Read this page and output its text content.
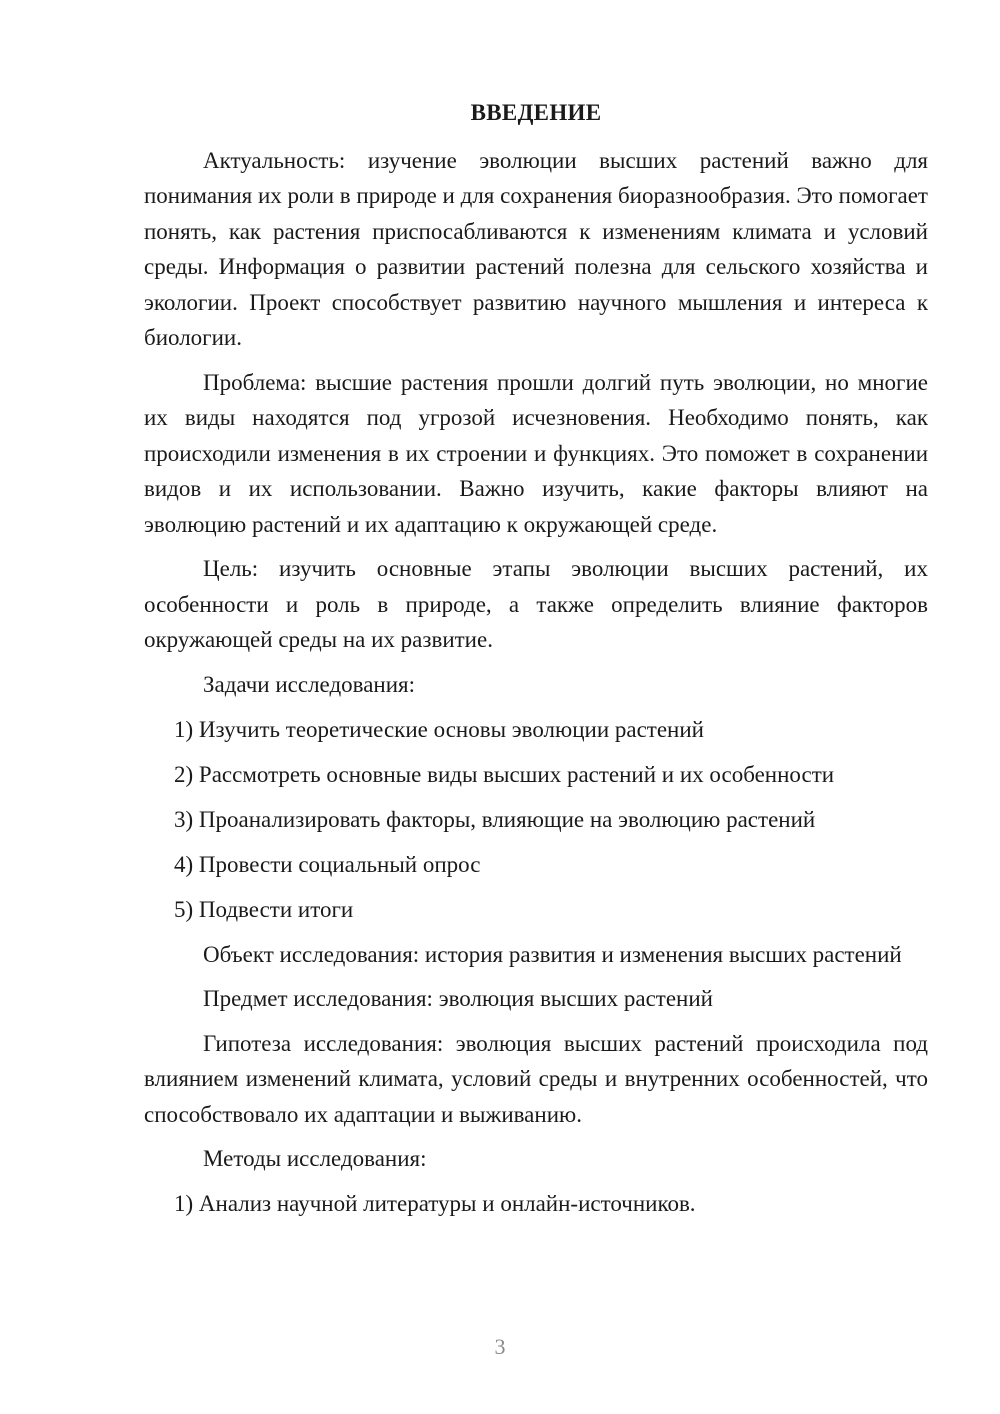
ВВЕДЕНИЕ

Актуальность: изучение эволюции высших растений важно для понимания их роли в природе и для сохранения биоразнообразия. Это помогает понять, как растения приспосабливаются к изменениям климата и условий среды. Информация о развитии растений полезна для сельского хозяйства и экологии. Проект способствует развитию научного мышления и интереса к биологии.

Проблема: высшие растения прошли долгий путь эволюции, но многие их виды находятся под угрозой исчезновения. Необходимо понять, как происходили изменения в их строении и функциях. Это поможет в сохранении видов и их использовании. Важно изучить, какие факторы влияют на эволюцию растений и их адаптацию к окружающей среде.

Цель: изучить основные этапы эволюции высших растений, их особенности и роль в природе, а также определить влияние факторов окружающей среды на их развитие.

Задачи исследования:

1) Изучить теоретические основы эволюции растений

2) Рассмотреть основные виды высших растений и их особенности

3) Проанализировать факторы, влияющие на эволюцию растений

4) Провести социальный опрос

5) Подвести итоги

Объект исследования: история развития и изменения высших растений

Предмет исследования: эволюция высших растений

Гипотеза исследования: эволюция высших растений происходила под влиянием изменений климата, условий среды и внутренних особенностей, что способствовало их адаптации и выживанию.

Методы исследования:

1) Анализ научной литературы и онлайн-источников.

3
